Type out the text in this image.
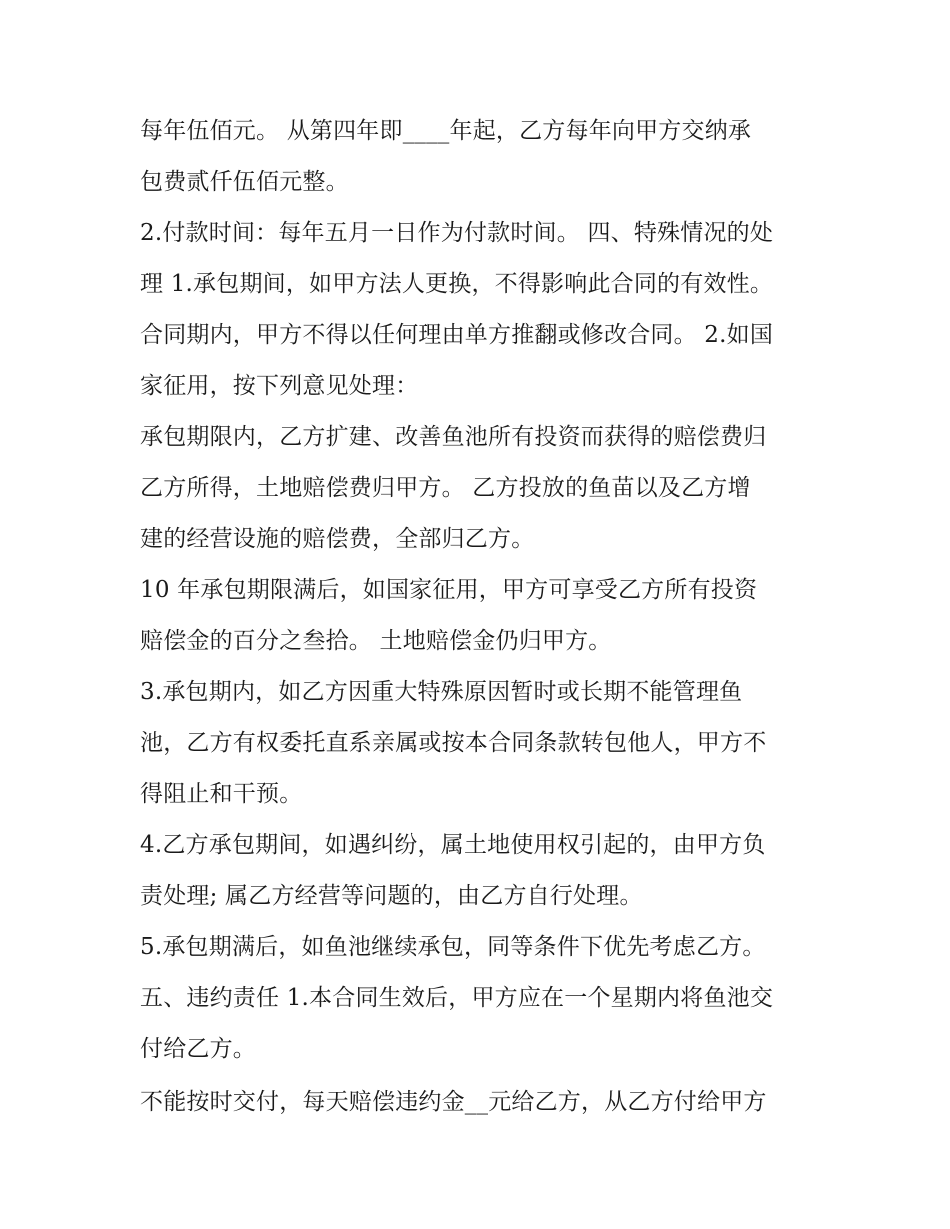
每年伍佰元。 从第四年即____年起，乙方每年向甲方交纳承
包费贰仟伍佰元整。
2.付款时间：每年五月一日作为付款时间。 四、特殊情况的处
理 1.承包期间，如甲方法人更换，不得影响此合同的有效性。
合同期内，甲方不得以任何理由单方推翻或修改合同。 2.如国
家征用，按下列意见处理：
承包期限内，乙方扩建、改善鱼池所有投资而获得的赔偿费归
乙方所得，土地赔偿费归甲方。 乙方投放的鱼苗以及乙方增
建的经营设施的赔偿费，全部归乙方。
10 年承包期限满后，如国家征用，甲方可享受乙方所有投资
赔偿金的百分之叁拾。 土地赔偿金仍归甲方。
3.承包期内，如乙方因重大特殊原因暂时或长期不能管理鱼
池，乙方有权委托直系亲属或按本合同条款转包他人，甲方不
得阻止和干预。
4.乙方承包期间，如遇纠纷，属土地使用权引起的，由甲方负
责处理; 属乙方经营等问题的，由乙方自行处理。
5.承包期满后，如鱼池继续承包，同等条件下优先考虑乙方。
五、违约责任 1.本合同生效后，甲方应在一个星期内将鱼池交
付给乙方。
不能按时交付，每天赔偿违约金__元给乙方，从乙方付给甲方
